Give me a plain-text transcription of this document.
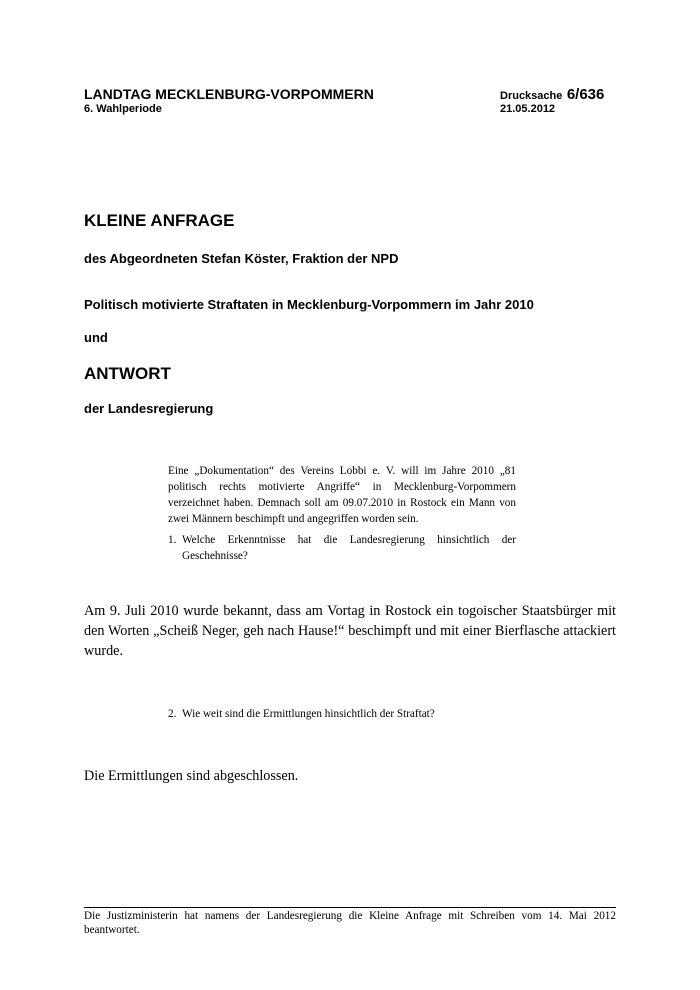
LANDTAG MECKLENBURG-VORPOMMERN

6. Wahlperiode

Drucksache 6/636

21.05.2012

KLEINE ANFRAGE

des Abgeordneten Stefan Köster, Fraktion der NPD

Politisch motivierte Straftaten in Mecklenburg-Vorpommern im Jahr 2010

und

ANTWORT

der Landesregierung

Eine „Dokumentation“ des Vereins Lobbi e. V. will im Jahre 2010 „81 politisch rechts motivierte Angriffe“ in Mecklenburg-Vorpommern verzeichnet haben. Demnach soll am 09.07.2010 in Rostock ein Mann von zwei Männern beschimpft und angegriffen worden sein.

1. Welche Erkenntnisse hat die Landesregierung hinsichtlich der Geschehnisse?

Am 9. Juli 2010 wurde bekannt, dass am Vortag in Rostock ein togoischer Staatsbürger mit den Worten „Scheiß Neger, geh nach Hause!“ beschimpft und mit einer Bierflasche attackiert wurde.

2. Wie weit sind die Ermittlungen hinsichtlich der Straftat?

Die Ermittlungen sind abgeschlossen.

Die Justizministerin hat namens der Landesregierung die Kleine Anfrage mit Schreiben vom 14. Mai 2012 beantwortet.
